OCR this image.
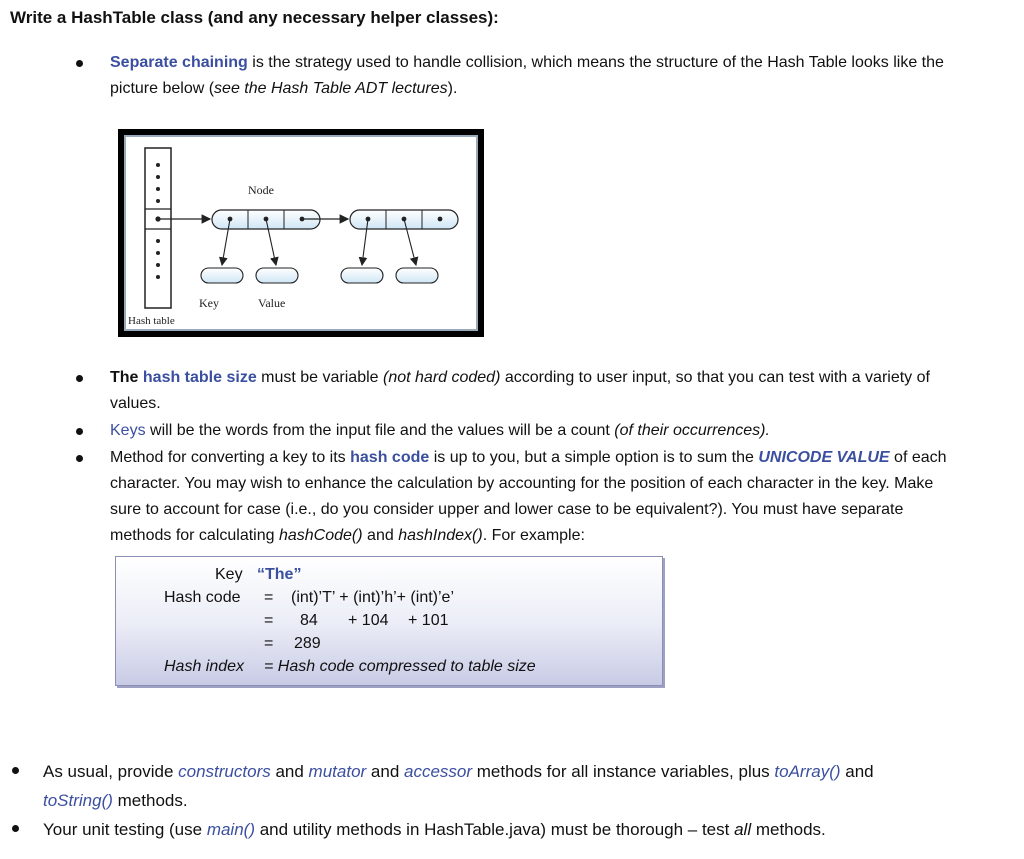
Write a HashTable class (and any necessary helper classes):
Separate chaining is the strategy used to handle collision, which means the structure of the Hash Table looks like the
picture below (see the Hash Table ADT lectures).
Node
Key	Value
Hash table
The hash table size must be variable (not hard coded) according to user input, so that you can test with a variety of
values.
Keys will be the words from the input file and the values will be a count (of their occurrences).
Method for converting a key to its hash code is up to you, but a simple option is to sum the UNICODE VALUE of each
character. You may wish to enhance the calculation by accounting for the position of each character in the key. Make
sure to account for case (i.e., do you consider upper and lower case to be equivalent?). You must have separate
methods for calculating hashCode() and hashIndex(). For example:
Key “The”
Hash code = (int)’T’ + (int)’h’+ (int)’e’
= 84 + 104 + 101
= 289
Hash index = Hash code compressed to table size
As usual, provide constructors and mutator and accessor methods for all instance variables, plus toArray() and
toString() methods.
Your unit testing (use main() and utility methods in HashTable.java) must be thorough – test all methods.
